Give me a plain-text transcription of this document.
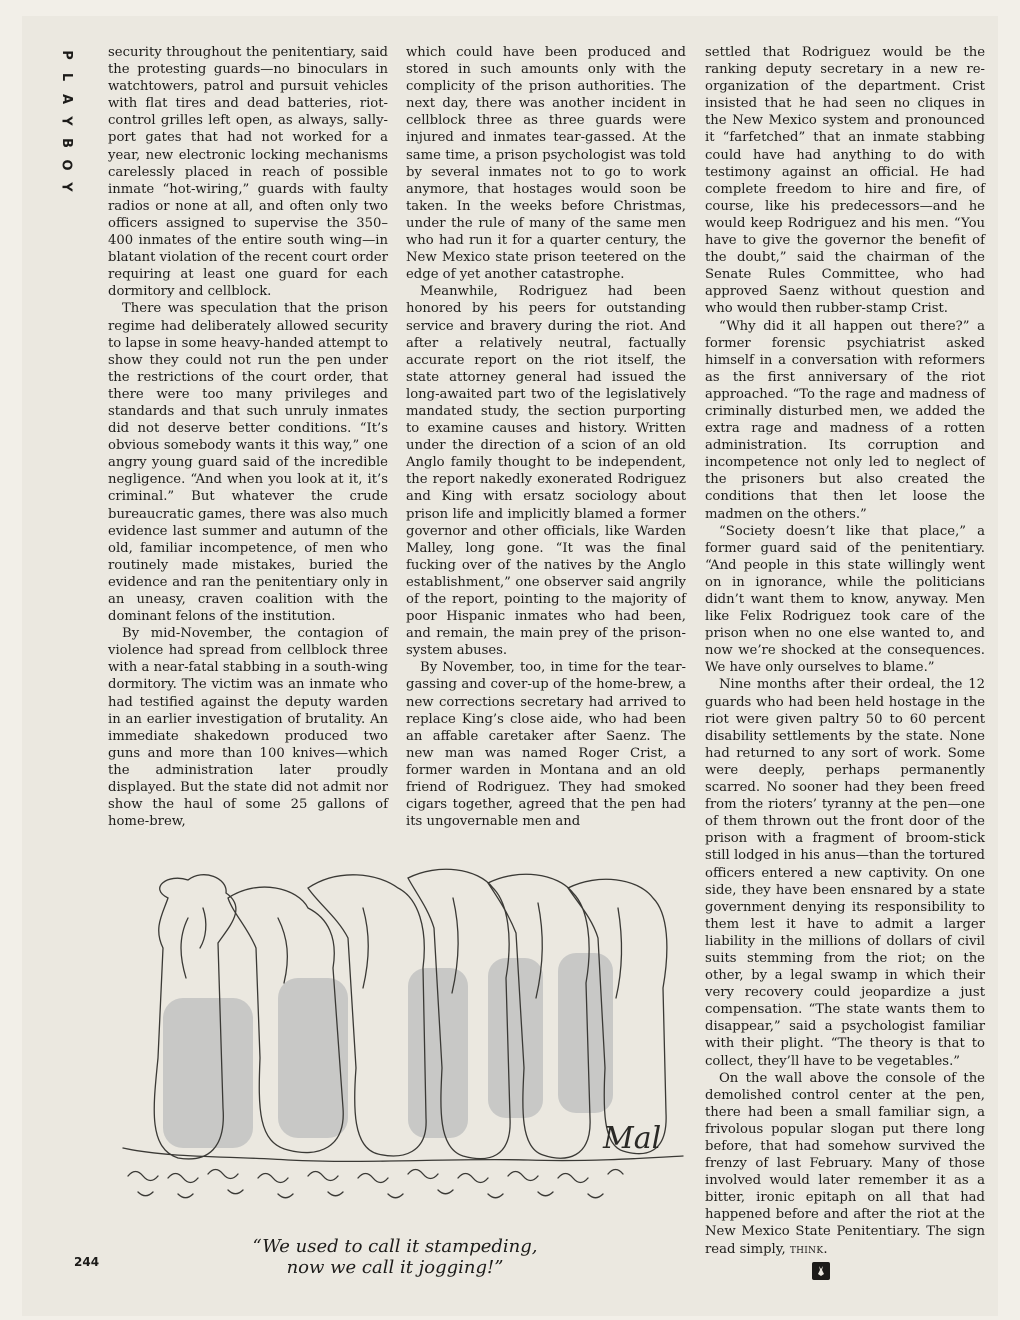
P
L
A
Y
B
O
Y

security throughout the penitentiary, said the protesting guards—no binoculars in watchtowers, patrol and pursuit vehicles with flat tires and dead batteries, riot-control grilles left open, as always, sally-port gates that had not worked for a year, new electronic locking mechanisms carelessly placed in reach of possible inmate “hot-wiring,” guards with faulty radios or none at all, and often only two officers assigned to supervise the 350–400 inmates of the entire south wing—in blatant violation of the recent court order requiring at least one guard for each dormitory and cellblock.

There was speculation that the prison regime had deliberately allowed security to lapse in some heavy-handed attempt to show they could not run the pen under the restrictions of the court order, that there were too many privileges and standards and that such unruly inmates did not deserve better conditions. “It’s obvious somebody wants it this way,” one angry young guard said of the incredible negligence. “And when you look at it, it’s criminal.” But whatever the crude bureaucratic games, there was also much evidence last summer and autumn of the old, familiar incompetence, of men who routinely made mistakes, buried the evidence and ran the penitentiary only in an uneasy, craven coalition with the dominant felons of the institution.

By mid-November, the contagion of violence had spread from cellblock three with a near-fatal stabbing in a south-wing dormitory. The victim was an inmate who had testified against the deputy warden in an earlier investigation of brutality. An immediate shakedown produced two guns and more than 100 knives—which the administration later proudly displayed. But the state did not admit nor show the haul of some 25 gallons of home-brew,

which could have been produced and stored in such amounts only with the complicity of the prison authorities. The next day, there was another incident in cellblock three as three guards were injured and inmates tear-gassed. At the same time, a prison psychologist was told by several inmates not to go to work anymore, that hostages would soon be taken. In the weeks before Christmas, under the rule of many of the same men who had run it for a quarter century, the New Mexico state prison teetered on the edge of yet another catastrophe.

Meanwhile, Rodriguez had been honored by his peers for outstanding service and bravery during the riot. And after a relatively neutral, factually accurate report on the riot itself, the state attorney general had issued the long-awaited part two of the legislatively mandated study, the section purporting to examine causes and history. Written under the direction of a scion of an old Anglo family thought to be independent, the report nakedly exonerated Rodriguez and King with ersatz sociology about prison life and implicitly blamed a former governor and other officials, like Warden Malley, long gone. “It was the final fucking over of the natives by the Anglo establishment,” one observer said angrily of the report, pointing to the majority of poor Hispanic inmates who had been, and remain, the main prey of the prison-system abuses.

By November, too, in time for the tear-gassing and cover-up of the home-brew, a new corrections secretary had arrived to replace King’s close aide, who had been an affable caretaker after Saenz. The new man was named Roger Crist, a former warden in Montana and an old friend of Rodriguez. They had smoked cigars together, agreed that the pen had its ungovernable men and

settled that Rodriguez would be the ranking deputy secretary in a new re-organization of the department. Crist insisted that he had seen no cliques in the New Mexico system and pronounced it “farfetched” that an inmate stabbing could have had anything to do with testimony against an official. He had complete freedom to hire and fire, of course, like his predecessors—and he would keep Rodriguez and his men. “You have to give the governor the benefit of the doubt,” said the chairman of the Senate Rules Committee, who had approved Saenz without question and who would then rubber-stamp Crist.

“Why did it all happen out there?” a former forensic psychiatrist asked himself in a conversation with reformers as the first anniversary of the riot approached. “To the rage and madness of criminally disturbed men, we added the extra rage and madness of a rotten administration. Its corruption and incompetence not only led to neglect of the prisoners but also created the conditions that then let loose the madmen on the others.”

“Society doesn’t like that place,” a former guard said of the penitentiary. “And people in this state willingly went on in ignorance, while the politicians didn’t want them to know, anyway. Men like Felix Rodriguez took care of the prison when no one else wanted to, and now we’re shocked at the consequences. We have only ourselves to blame.”

Nine months after their ordeal, the 12 guards who had been held hostage in the riot were given paltry 50 to 60 percent disability settlements by the state. None had returned to any sort of work. Some were deeply, perhaps permanently scarred. No sooner had they been freed from the rioters’ tyranny at the pen—one of them thrown out the front door of the prison with a fragment of broom-stick still lodged in his anus—than the tortured officers entered a new captivity. On one side, they have been ensnared by a state government denying its responsibility to them lest it have to admit a larger liability in the millions of dollars of civil suits stemming from the riot; on the other, by a legal swamp in which their very recovery could jeopardize a just compensation. “The state wants them to disappear,” said a psychologist familiar with their plight. “The theory is that to collect, they’ll have to be vegetables.”

On the wall above the console of the demolished control center at the pen, there had been a small familiar sign, a frivolous popular slogan put there long before, that had somehow survived the frenzy of last February. Many of those involved would later remember it as a bitter, ironic epitaph on all that had happened before and after the riot at the New Mexico State Penitentiary. The sign read simply, think.

Mal
“We used to call it stampeding,
now we call it jogging!”
244
